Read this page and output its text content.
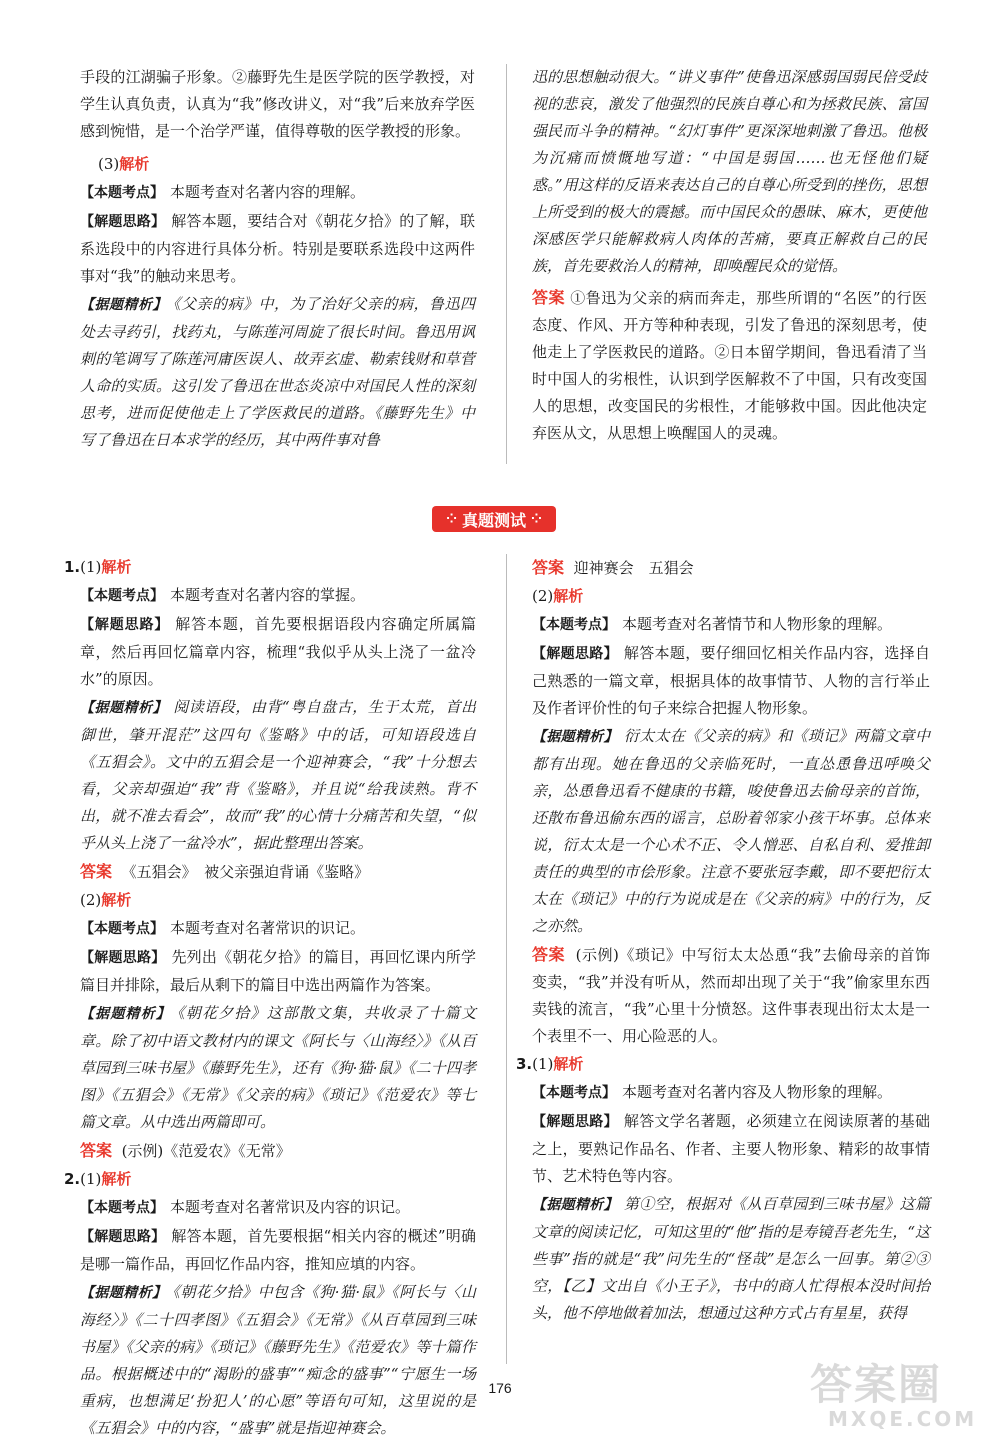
手段的江湖骗子形象。②藤野先生是医学院的医学教授，对学生认真负责，认真为“我”修改讲义，对“我”后来放弃学医感到惋惜，是一个治学严谨，值得尊敬的医学教授的形象。

(3)解析

【本题考点】 本题考查对名著内容的理解。

【解题思路】 解答本题，要结合对《朝花夕拾》的了解，联系选段中的内容进行具体分析。特别是要联系选段中这两件事对“我”的触动来思考。

【据题精析】 《父亲的病》中，为了治好父亲的病，鲁迅四处去寻药引，找药丸，与陈莲河周旋了很长时间。鲁迅用讽刺的笔调写了陈莲河庸医误人、故弄玄虚、勒索钱财和草菅人命的实质。这引发了鲁迅在世态炎凉中对国民人性的深刻思考，进而促使他走上了学医救民的道路。《藤野先生》中写了鲁迅在日本求学的经历，其中两件事对鲁

迅的思想触动很大。“讲义事件”使鲁迅深感弱国弱民倍受歧视的悲哀，激发了他强烈的民族自尊心和为拯救民族、富国强民而斗争的精神。“幻灯事件”更深深地刺激了鲁迅。他极为沉痛而愤慨地写道：“中国是弱国……也无怪他们疑惑。”用这样的反语来表达自己的自尊心所受到的挫伤，思想上所受到的极大的震撼。而中国民众的愚昧、麻木，更使他深感医学只能解救病人肉体的苦痛，要真正解救自己的民族，首先要救治人的精神，即唤醒民众的觉悟。

答案 ①鲁迅为父亲的病而奔走，那些所谓的“名医”的行医态度、作风、开方等种种表现，引发了鲁迅的深刻思考，使他走上了学医救民的道路。②日本留学期间，鲁迅看清了当时中国人的劣根性，认识到学医解救不了中国，只有改变国人的思想，改变国民的劣根性，才能够救中国。因此他决定弃医从文，从思想上唤醒国人的灵魂。

⁘ 真题测试 ⁘

1.(1)解析

【本题考点】 本题考查对名著内容的掌握。

【解题思路】 解答本题，首先要根据语段内容确定所属篇章，然后再回忆篇章内容，梳理“我似乎从头上浇了一盆冷水”的原因。

【据题精析】 阅读语段，由背“粤自盘古，生于太荒，首出御世，肇开混茫”这四句《鉴略》中的话，可知语段选自《五猖会》。文中的五猖会是一个迎神赛会，“我”十分想去看，父亲却强迫“我”背《鉴略》，并且说“给我读熟。背不出，就不准去看会”，故而“我”的心情十分痛苦和失望，“似乎从头上浇了一盆冷水”，据此整理出答案。

答案 《五猖会》　被父亲强迫背诵《鉴略》

(2)解析

【本题考点】 本题考查对名著常识的识记。

【解题思路】 先列出《朝花夕拾》的篇目，再回忆课内所学篇目并排除，最后从剩下的篇目中选出两篇作为答案。

【据题精析】 《朝花夕拾》这部散文集，共收录了十篇文章。除了初中语文教材内的课文《阿长与〈山海经〉》《从百草园到三味书屋》《藤野先生》，还有《狗·猫·鼠》《二十四孝图》《五猖会》《无常》《父亲的病》《琐记》《范爱农》等七篇文章。从中选出两篇即可。

答案 (示例)《范爱农》《无常》

2.(1)解析

【本题考点】 本题考查对名著常识及内容的识记。

【解题思路】 解答本题，首先要根据“相关内容的概述”明确是哪一篇作品，再回忆作品内容，推知应填的内容。

【据题精析】 《朝花夕拾》中包含《狗·猫·鼠》《阿长与〈山海经〉》《二十四孝图》《五猖会》《无常》《从百草园到三味书屋》《父亲的病》《琐记》《藤野先生》《范爱农》等十篇作品。根据概述中的“渴盼的盛事”“痴念的盛事”“宁愿生一场重病，也想满足‘扮犯人’的心愿”等语句可知，这里说的是《五猖会》中的内容，“盛事”就是指迎神赛会。

答案 迎神赛会　五猖会

(2)解析

【本题考点】 本题考查对名著情节和人物形象的理解。

【解题思路】 解答本题，要仔细回忆相关作品内容，选择自己熟悉的一篇文章，根据具体的故事情节、人物的言行举止及作者评价性的句子来综合把握人物形象。

【据题精析】 衍太太在《父亲的病》和《琐记》两篇文章中都有出现。她在鲁迅的父亲临死时，一直怂恿鲁迅呼唤父亲，怂恿鲁迅看不健康的书籍，唆使鲁迅去偷母亲的首饰，还散布鲁迅偷东西的谣言，总盼着邻家小孩干坏事。总体来说，衍太太是一个心术不正、令人憎恶、自私自利、爱推卸责任的典型的市侩形象。注意不要张冠李戴，即不要把衍太太在《琐记》中的行为说成是在《父亲的病》中的行为，反之亦然。

答案 (示例)《琐记》中写衍太太怂恿“我”去偷母亲的首饰变卖，“我”并没有听从，然而却出现了关于“我”偷家里东西卖钱的流言，“我”心里十分愤怒。这件事表现出衍太太是一个表里不一、用心险恶的人。

3.(1)解析

【本题考点】 本题考查对名著内容及人物形象的理解。

【解题思路】 解答文学名著题，必须建立在阅读原著的基础之上，要熟记作品名、作者、主要人物形象、精彩的故事情节、艺术特色等内容。

【据题精析】 第①空，根据对《从百草园到三味书屋》这篇文章的阅读记忆，可知这里的“他”指的是寿镜吾老先生，“这些事”指的就是“我”问先生的“怪哉”是怎么一回事。第②③空，【乙】文出自《小王子》，书中的商人忙得根本没时间抬头，他不停地做着加法，想通过这种方式占有星星，获得

176	答案圈
MXQE.COM
